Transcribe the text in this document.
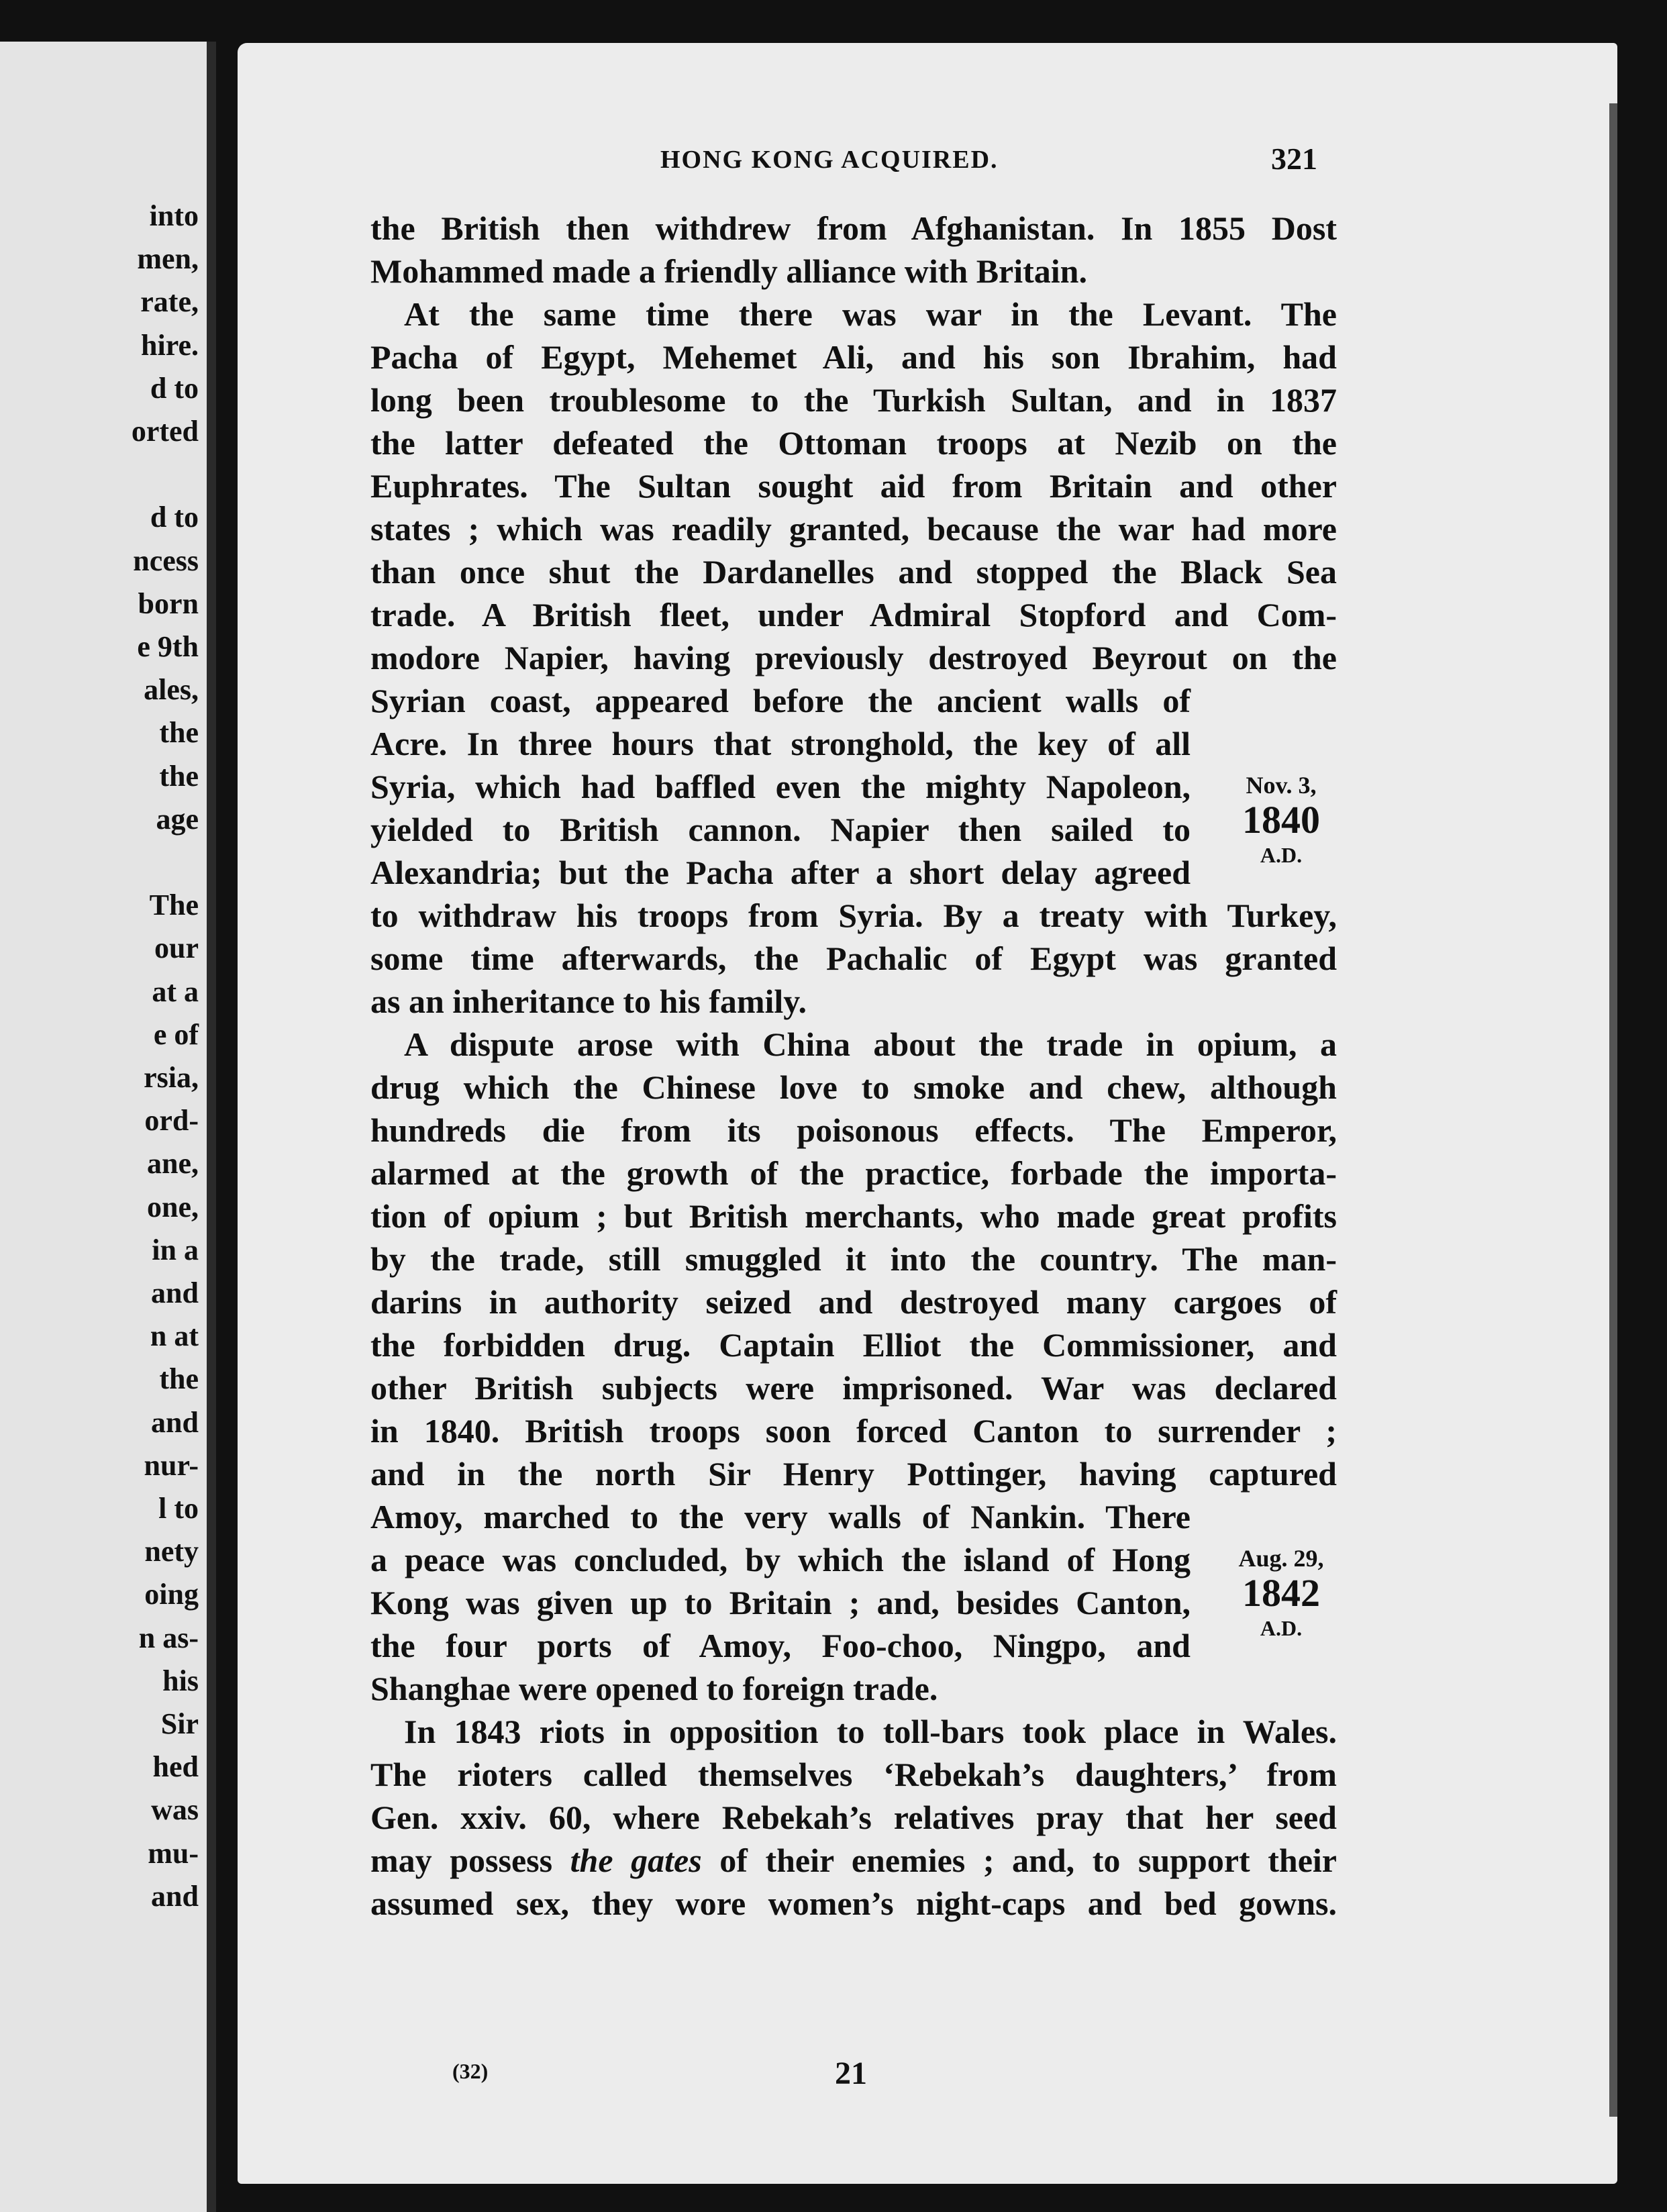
into
men,
rate,
hire.
d to
orted
d to
ncess
born
e 9th
ales,
the
the
age
The
our
at a
e of
rsia,
ord-
ane,
one,
in a
and
n at
the
and
nur-
l to
nety
oing
n as-
his
Sir
hed
was
mu-
and
HONG KONG ACQUIRED.	321
the British then withdrew from Afghanistan. In 1855 Dost
Mohammed made a friendly alliance with Britain.
At the same time there was war in the Levant. The
Pacha of Egypt, Mehemet Ali, and his son Ibrahim, had
long been troublesome to the Turkish Sultan, and in 1837
the latter defeated the Ottoman troops at Nezib on the
Euphrates. The Sultan sought aid from Britain and other
states ; which was readily granted, because the war had more
than once shut the Dardanelles and stopped the Black Sea
trade. A British fleet, under Admiral Stopford and Com-
modore Napier, having previously destroyed Beyrout on the
Syrian coast, appeared before the ancient walls of
Acre. In three hours that stronghold, the key of all
Syria, which had baffled even the mighty Napoleon,
yielded to British cannon. Napier then sailed to
Alexandria; but the Pacha after a short delay agreed
to withdraw his troops from Syria. By a treaty with Turkey,
some time afterwards, the Pachalic of Egypt was granted
as an inheritance to his family.
A dispute arose with China about the trade in opium, a
drug which the Chinese love to smoke and chew, although
hundreds die from its poisonous effects. The Emperor,
alarmed at the growth of the practice, forbade the importa-
tion of opium ; but British merchants, who made great profits
by the trade, still smuggled it into the country. The man-
darins in authority seized and destroyed many cargoes of
the forbidden drug. Captain Elliot the Commissioner, and
other British subjects were imprisoned. War was declared
in 1840. British troops soon forced Canton to surrender ;
and in the north Sir Henry Pottinger, having captured
Amoy, marched to the very walls of Nankin. There
a peace was concluded, by which the island of Hong
Kong was given up to Britain ; and, besides Canton,
the four ports of Amoy, Foo-choo, Ningpo, and
Shanghae were opened to foreign trade.
In 1843 riots in opposition to toll-bars took place in Wales.
The rioters called themselves ‘Rebekah’s daughters,’ from
Gen. xxiv. 60, where Rebekah’s relatives pray that her seed
may possess the gates of their enemies ; and, to support their
assumed sex, they wore women’s night-caps and bed gowns.
Nov. 3,
1840
A.D.
Aug. 29,
1842
A.D.
(32)	21
